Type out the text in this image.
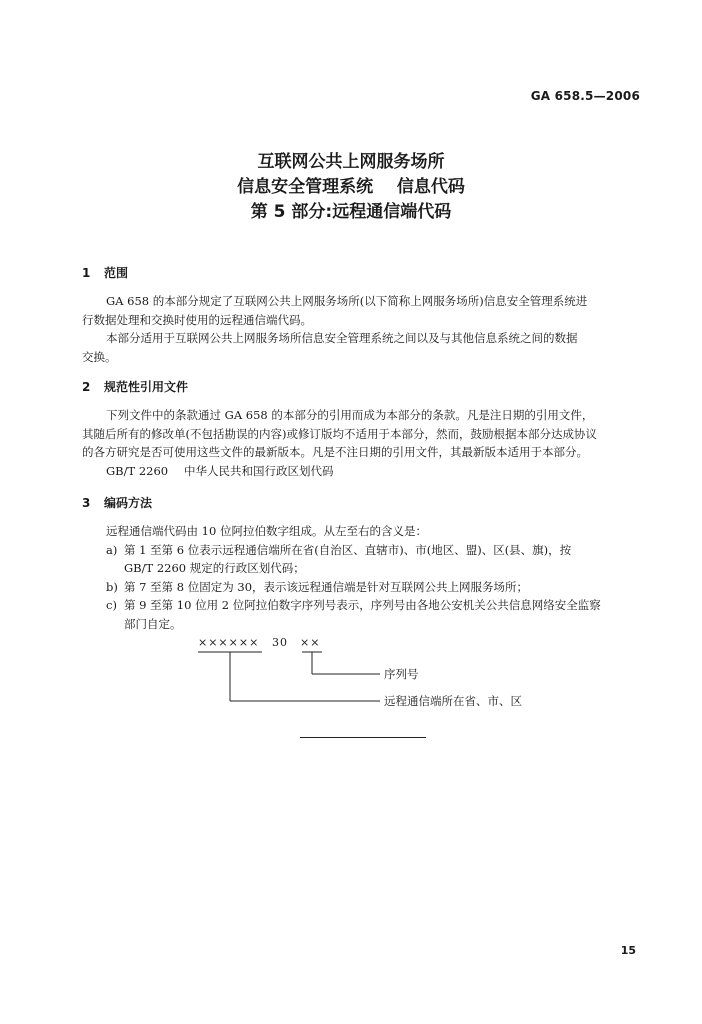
GA 658.5—2006
互联网公共上网服务场所
信息安全管理系统    信息代码
第 5 部分:远程通信端代码
1 范围
GA 658 的本部分规定了互联网公共上网服务场所(以下简称上网服务场所)信息安全管理系统进
行数据处理和交换时使用的远程通信端代码。
本部分适用于互联网公共上网服务场所信息安全管理系统之间以及与其他信息系统之间的数据
交换。
2 规范性引用文件
下列文件中的条款通过 GA 658 的本部分的引用而成为本部分的条款。凡是注日期的引用文件，
其随后所有的修改单(不包括勘误的内容)或修订版均不适用于本部分，然而，鼓励根据本部分达成协议
的各方研究是否可使用这些文件的最新版本。凡是不注日期的引用文件，其最新版本适用于本部分。
GB/T 2260 中华人民共和国行政区划代码
3 编码方法
远程通信端代码由 10 位阿拉伯数字组成。从左至右的含义是：
a) 第 1 至第 6 位表示远程通信端所在省(自治区、直辖市)、市(地区、盟)、区(县、旗)，按
GB/T 2260 规定的行政区划代码；
b) 第 7 至第 8 位固定为 30，表示该远程通信端是针对互联网公共上网服务场所；
c) 第 9 至第 10 位用 2 位阿拉伯数字序列号表示，序列号由各地公安机关公共信息网络安全监察
部门自定。
×××××× 30 ××
序列号
远程通信端所在省、市、区
15
